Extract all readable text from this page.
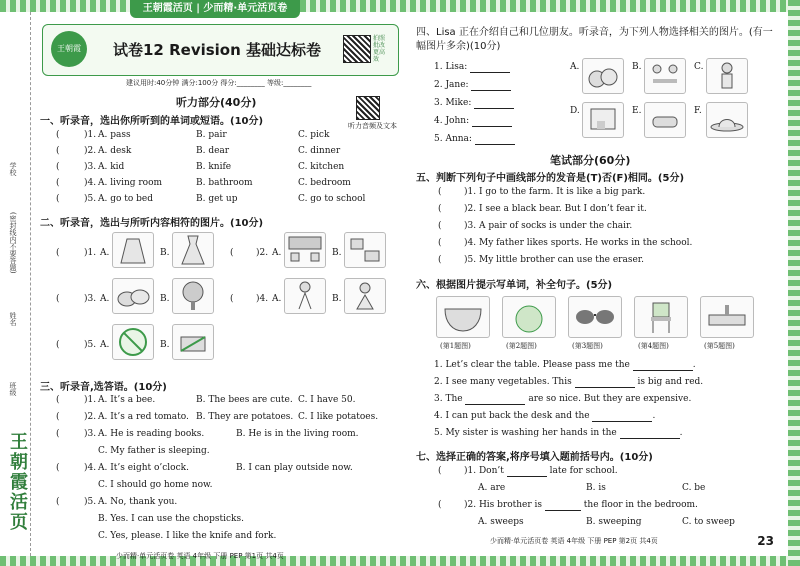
学校
(密封线内不要答题)
姓名
班级
王朝霞活页
王朝霞活页 | 少而精·单元活页卷
王朝霞	试卷12 Revision 基础达标卷
拍照批改更高效
建议用时:40分钟 满分:100分 得分:________ 等级:________
听力部分(40分)
听力音频及文本
一、听录音，选出你所听到的单词或短语。(10分)
( )1. A. pass	B. pair	C. pick
(	)2. A. desk	B. dear	C. dinner
(	)3. A. kid	B. knife	C. kitchen
(	)4. A. living room	B. bathroom	C. bedroom
(	)5. A. go to bed	B. get up	C. go to school
二、听录音，选出与所听内容相符的图片。(10分)
(	)1. A.	B.	( )2. A.	B.
(	)3. A.	B.	( )4. A.	B.
(	)5. A.	B.
三、听录音,选答语。(10分)
(	)1. A. It’s a bee.	B. The bees are cute. C. I have 50.
(	)2. A. It’s a red tomato. B. They are potatoes. C. I like potatoes.
(	)3. A. He is reading books.	B. He is in the living room.
C. My father is sleeping.
(	)4. A. It’s eight o’clock.	B. I can play outside now.
C. I should go home now.
(	)5. A. No, thank you.
B. Yes. I can use the chopsticks.
C. Yes, please. I like the knife and fork.
少而精·单元活页卷 英语 4年级 下册 PEP 第1页 共4页
四、Lisa 正在介绍自己和几位朋友。听录音，为下列人物选择相关的图片。(有一幅图片多余)(10分)
1. Lisa:
2. Jane:
3. Mike:
4. John:
5. Anna:
A.	B.	C.
D.	E.	F.
笔试部分(60分)
五、判断下列句子中画线部分的发音是(T)否(F)相同。(5分)
( )1. I go to the farm. It is like a big park.
( )2. I see a black bear. But I don’t fear it.
( )3. A pair of socks is under the chair.
( )4. My father likes sports. He works in the school.
( )5. My little brother can use the eraser.
六、根据图片提示写单词，补全句子。(5分)
(第1题图)	(第2题图)	(第3题图)	(第4题图)	(第5题图)
1. Let’s clear the table. Please pass me the	.
2. I see many vegetables. This	is big and red.
3. The	are so nice. But they are expensive.
4. I can put back the desk and the	.
5. My sister is washing her hands in the	.
七、选择正确的答案,将序号填入题前括号内。(10分)
( )1. Don’t	late for school.
A. are	B. is	C. be
( )2. His brother is	the floor in the bedroom.
A. sweeps	B. sweeping	C. to sweep
少而精·单元活页卷 英语 4年级 下册 PEP 第2页 共4页	23
